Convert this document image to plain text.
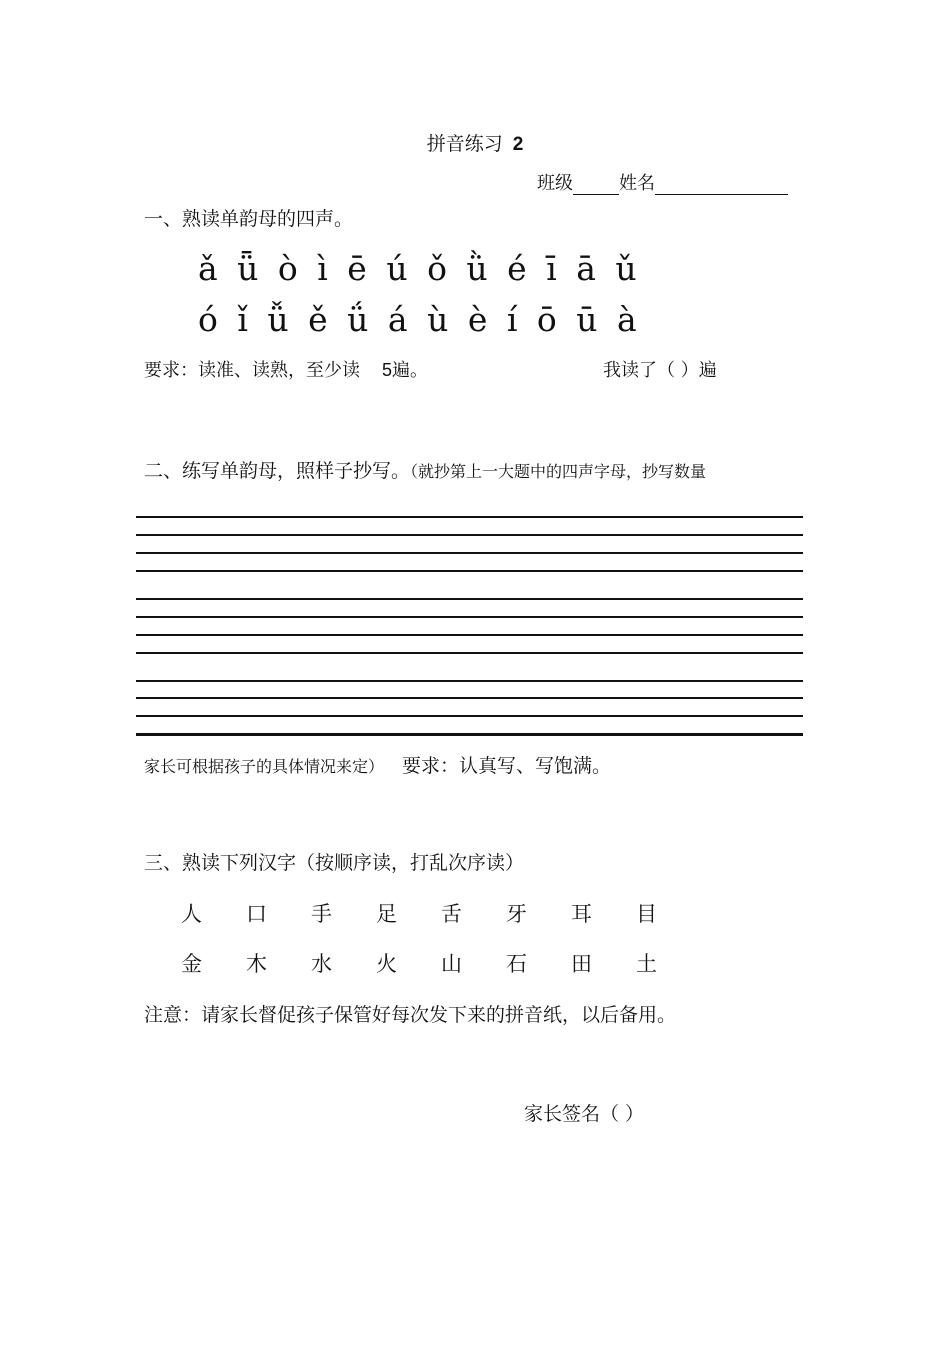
拼音练习 2
班级	姓名
一、熟读单韵母的四声。
ǎ ǖ ò ì ē ú ǒ ǜ é ī ā ǔ
ó ǐ ǚ ě ǘ á ù è í ō ū à
要求：读准、读熟，至少读 5遍。	我读了（ ）遍
二、练写单韵母，照样子抄写。（就抄第上一大题中的四声字母，抄写数量
家长可根据孩子的具体情况来定） 要求：认真写、写饱满。
三、熟读下列汉字（按顺序读，打乱次序读）
人	口	手	足	舌	牙	耳	目
金	木	水	火	山	石	田	土
注意：请家长督促孩子保管好每次发下来的拼音纸，以后备用。
家长签名（ ）
